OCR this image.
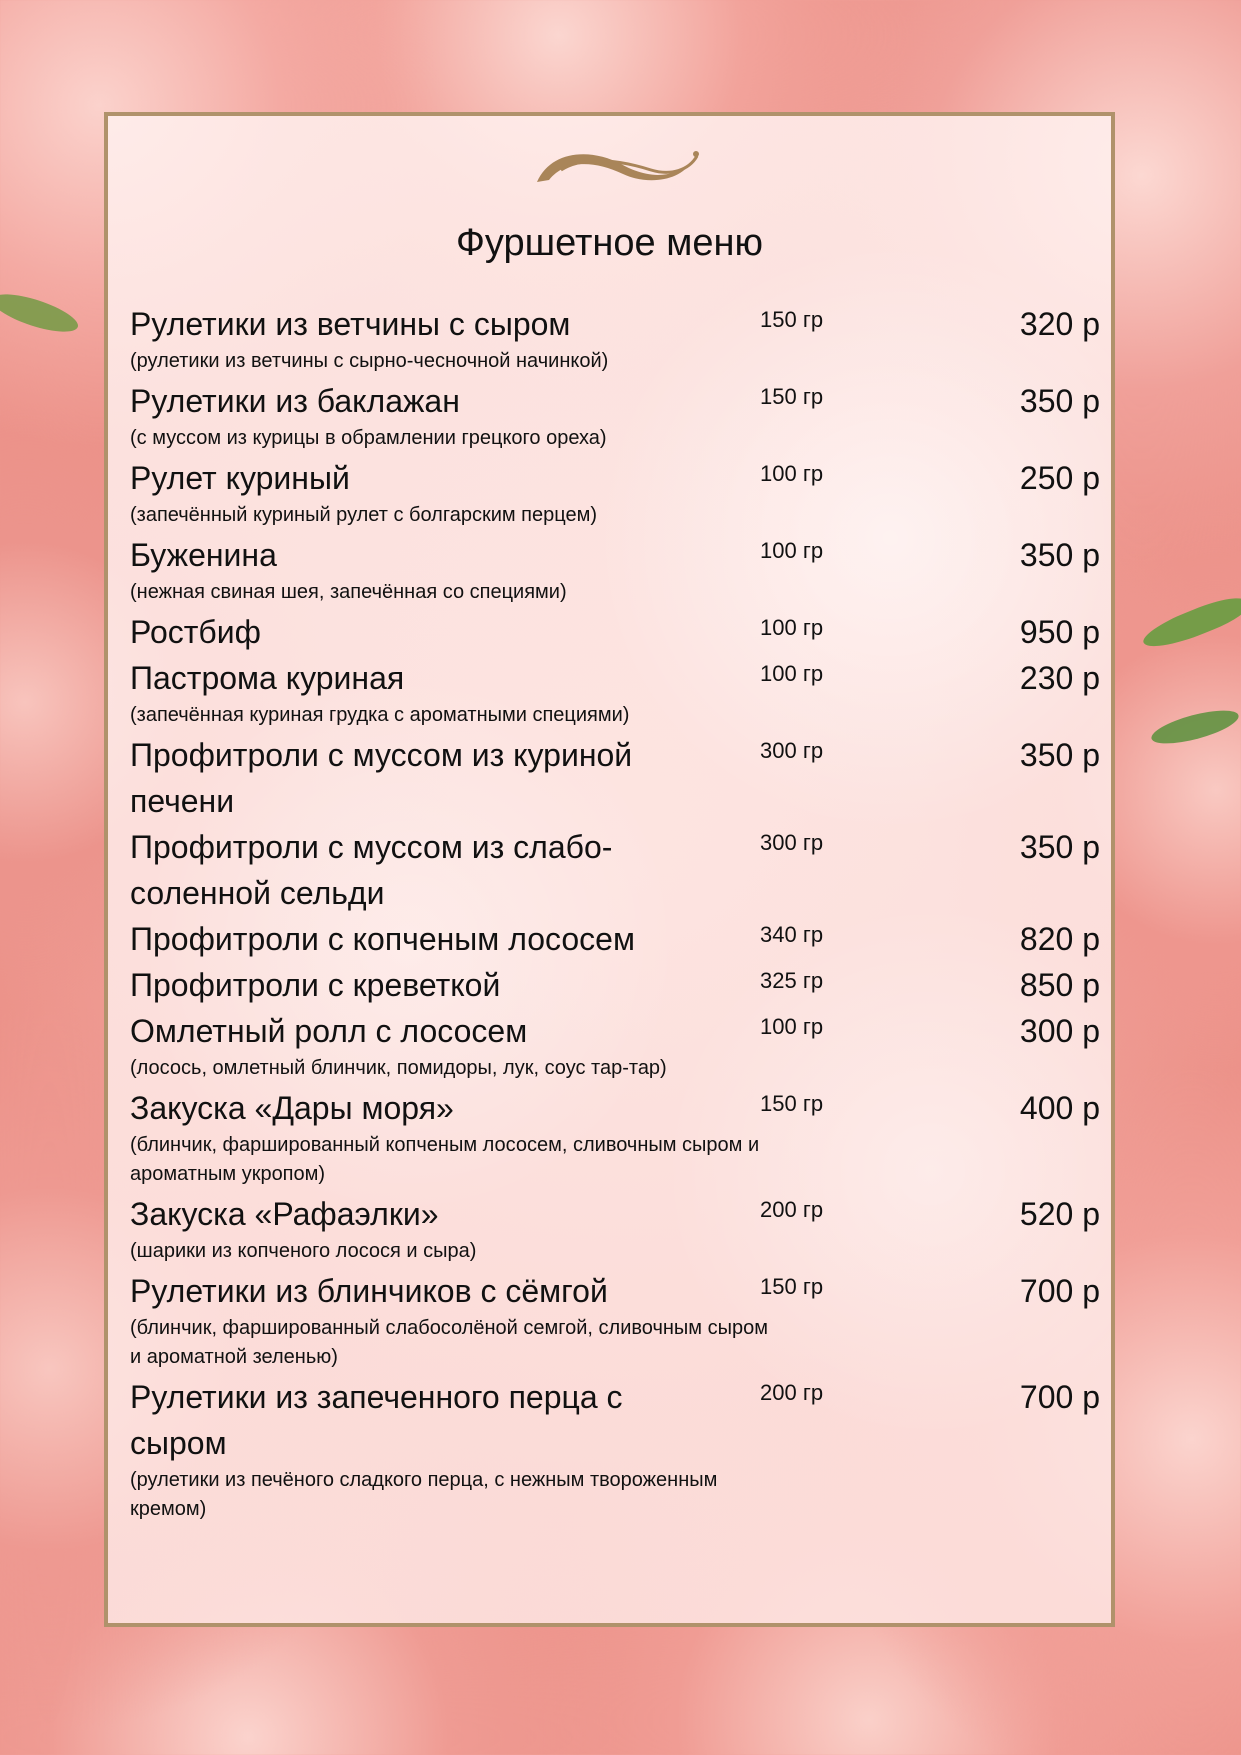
Фуршетное меню
Рулетики из ветчины с сыром
(рулетики из ветчины с сырно-чесночной начинкой)
150 гр	320 р
Рулетики из баклажан
(с муссом из курицы в обрамлении грецкого ореха)
150 гр	350 р
Рулет куриный
(запечённый куриный рулет с болгарским перцем)
100 гр	250 р
Буженина
(нежная свиная шея, запечённая со специями)
100 гр	350 р
Ростбиф	100 гр	950 р
Пастрома куриная
(запечённая куриная грудка с ароматными специями)
100 гр	230 р
Профитроли с муссом из куриной печени
300 гр	350 р
Профитроли с муссом из слабо-соленной сельди
300 гр	350 р
Профитроли с копченым лососем	340 гр	820 р
Профитроли с креветкой	325 гр	850 р
Омлетный ролл с лососем
(лосось, омлетный блинчик, помидоры, лук, соус тар-тар)
100 гр	300 р
Закуска «Дары моря»
(блинчик, фаршированный копченым лососем, сливочным сыром и ароматным укропом)
150 гр	400 р
Закуска «Рафаэлки»
(шарики из копченого лосося и сыра)
200 гр	520 р
Рулетики из блинчиков с сёмгой
(блинчик, фаршированный слабосолёной семгой, сливочным сыром и ароматной зеленью)
150 гр	700 р
Рулетики из запеченного перца с сыром
(рулетики из печёного сладкого перца, с нежным твороженным кремом)
200 гр	700 р
